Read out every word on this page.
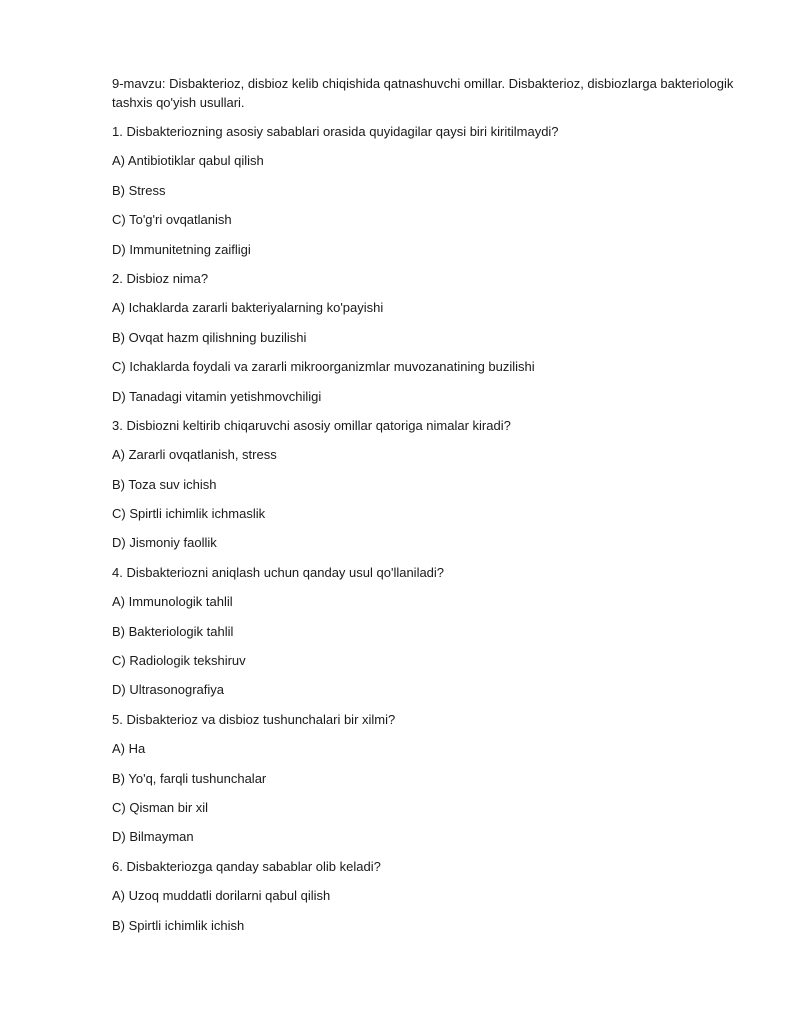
9-mavzu: Disbakterioz, disbioz kelib chiqishida qatnashuvchi omillar. Disbakterioz, disbiozlarga bakteriologik tashxis qo'yish usullari.
1. Disbakteriozning asosiy sabablari orasida quyidagilar qaysi biri kiritilmaydi?
A) Antibiotiklar qabul qilish
B) Stress
C) To'g'ri ovqatlanish
D) Immunitetning zaifligi
2. Disbioz nima?
A) Ichaklarda zararli bakteriyalarning ko'payishi
B) Ovqat hazm qilishning buzilishi
C) Ichaklarda foydali va zararli mikroorganizmlar muvozanatining buzilishi
D) Tanadagi vitamin yetishmovchiligi
3. Disbiozni keltirib chiqaruvchi asosiy omillar qatoriga nimalar kiradi?
A) Zararli ovqatlanish, stress
B) Toza suv ichish
C) Spirtli ichimlik ichmaslik
D) Jismoniy faollik
4. Disbakteriozni aniqlash uchun qanday usul qo'llaniladi?
A) Immunologik tahlil
B) Bakteriologik tahlil
C) Radiologik tekshiruv
D) Ultrasonografiya
5. Disbakterioz va disbioz tushunchalari bir xilmi?
A) Ha
B) Yo'q, farqli tushunchalar
C) Qisman bir xil
D) Bilmayman
6. Disbakteriozga qanday sabablar olib keladi?
A) Uzoq muddatli dorilarni qabul qilish
B) Spirtli ichimlik ichish
